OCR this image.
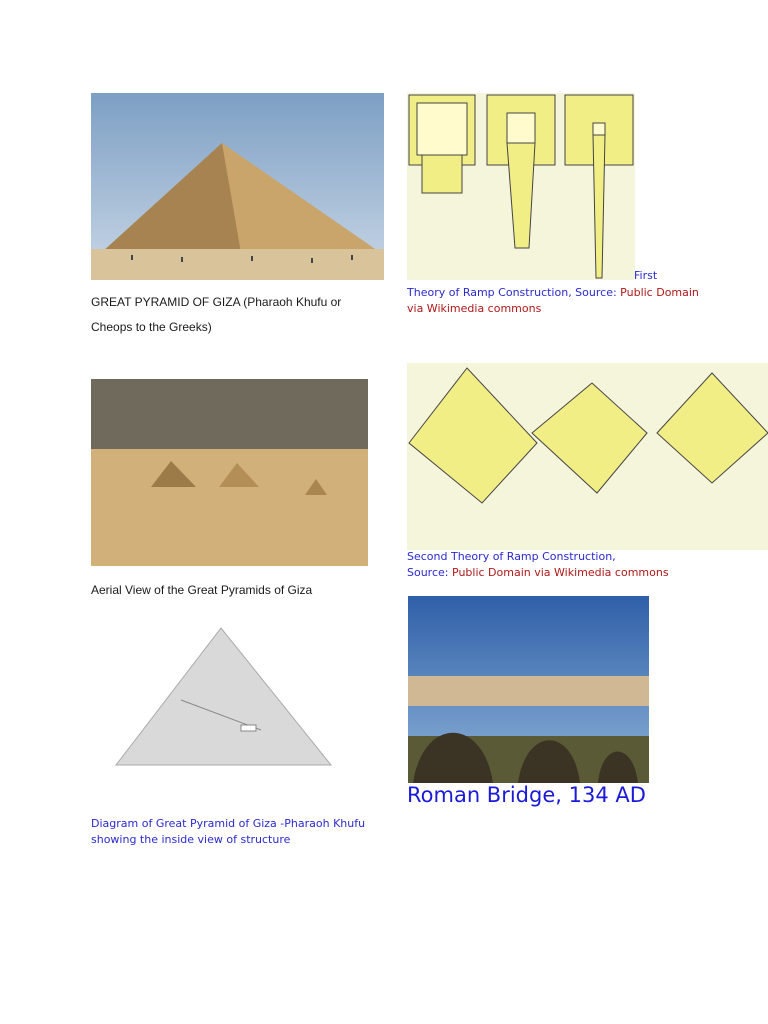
GREAT PYRAMID OF GIZA (Pharaoh Khufu or Cheops to the Greeks)
First
Theory of Ramp Construction, Source: Public Domain via Wikimedia commons
Aerial View of the Great Pyramids of Giza
Second Theory of Ramp Construction,
Source: Public Domain via Wikimedia commons
Diagram of Great Pyramid of Giza -Pharaoh Khufu showing the inside view of structure
Roman Bridge, 134 AD
